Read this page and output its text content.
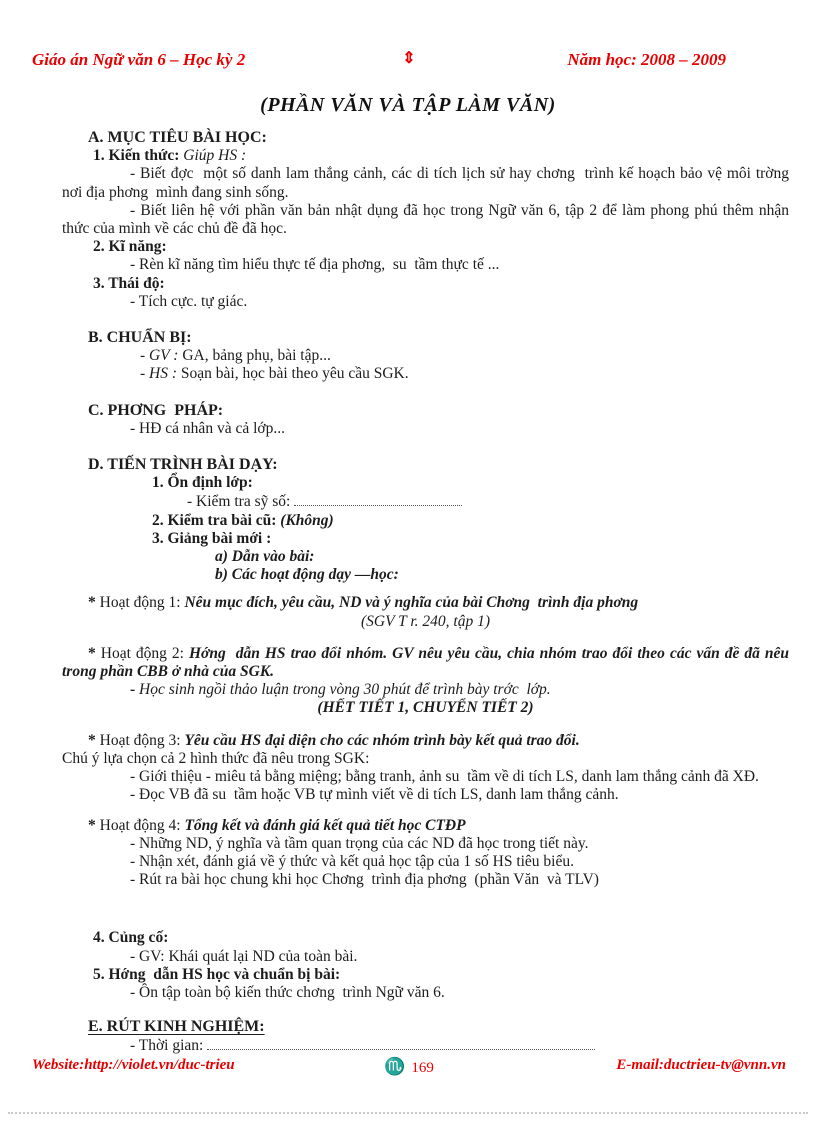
Giáo án Ngữ văn 6 – Học kỳ 2	⇕	Năm học: 2008 – 2009
(PHẦN VĂN VÀ TẬP LÀM VĂN)
A. MỤC TIÊU BÀI HỌC:
1. Kiến thức: Giúp HS :
- Biết đợc  một số danh lam thắng cảnh, các di tích lịch sử hay chơng  trình kế hoạch bảo vệ môi trờng  nơi địa phơng  mình đang sinh sống.
- Biết liên hệ với phần văn bản nhật dụng đã học trong Ngữ văn 6, tập 2 để làm phong phú thêm nhận thức của mình về các chủ đề đã học.
2. Kĩ năng:
- Rèn kĩ năng tìm hiểu thực tế địa phơng,  su  tầm thực tế ...
3. Thái độ:
- Tích cực. tự giác.
B. CHUẨN BỊ:
- GV : GA, bảng phụ, bài tập...
- HS : Soạn bài, học bài theo yêu cầu SGK.
C. PHƠNG  PHÁP:
- HĐ cá nhân và cả lớp...
D. TIẾN TRÌNH BÀI DẠY:
1. Ổn định lớp:
- Kiểm tra sỹ số:
2. Kiểm tra bài cũ: (Không)
3. Giảng bài mới :
a) Dẫn vào bài:
b) Các hoạt động dạy —học:
* Hoạt động 1: Nêu mục đích, yêu cầu, ND và ý nghĩa của bài Chơng  trình địa phơng
(SGV T r. 240, tập 1)
* Hoạt động 2: Hớng  dẫn HS trao đổi nhóm. GV nêu yêu cầu, chia nhóm trao đổi theo các vấn đề đã nêu trong phần CBB ở nhà của SGK.
- Học sinh ngồi thảo luận trong vòng 30 phút để trình bày trớc  lớp.
(HẾT TIẾT 1, CHUYỂN TIẾT 2)
* Hoạt động 3: Yêu cầu HS đại diện cho các nhóm trình bày kết quả trao đổi.
Chú ý lựa chọn cả 2 hình thức đã nêu trong SGK:
- Giới thiệu - miêu tả bằng miệng; bằng tranh, ảnh su  tầm về di tích LS, danh lam thắng cảnh đã XĐ.
- Đọc VB đã su  tầm hoặc VB tự mình viết về di tích LS, danh lam thắng cảnh.
* Hoạt động 4: Tổng kết và đánh giá kết quả tiết học CTĐP
- Những ND, ý nghĩa và tầm quan trọng của các ND đã học trong tiết này.
- Nhận xét, đánh giá về ý thức và kết quả học tập của 1 số HS tiêu biểu.
- Rút ra bài học chung khi học Chơng  trình địa phơng  (phần Văn  và TLV)
4. Củng cố:
- GV: Khái quát lại ND của toàn bài.
5. Hớng  dẫn HS học và chuẩn bị bài:
- Ôn tập toàn bộ kiến thức chơng  trình Ngữ văn 6.
E. RÚT KINH NGHIỆM:
- Thời gian:
Website:http://violet.vn/duc-trieu	♏ 169	E-mail:ductrieu-tv@vnn.vn
